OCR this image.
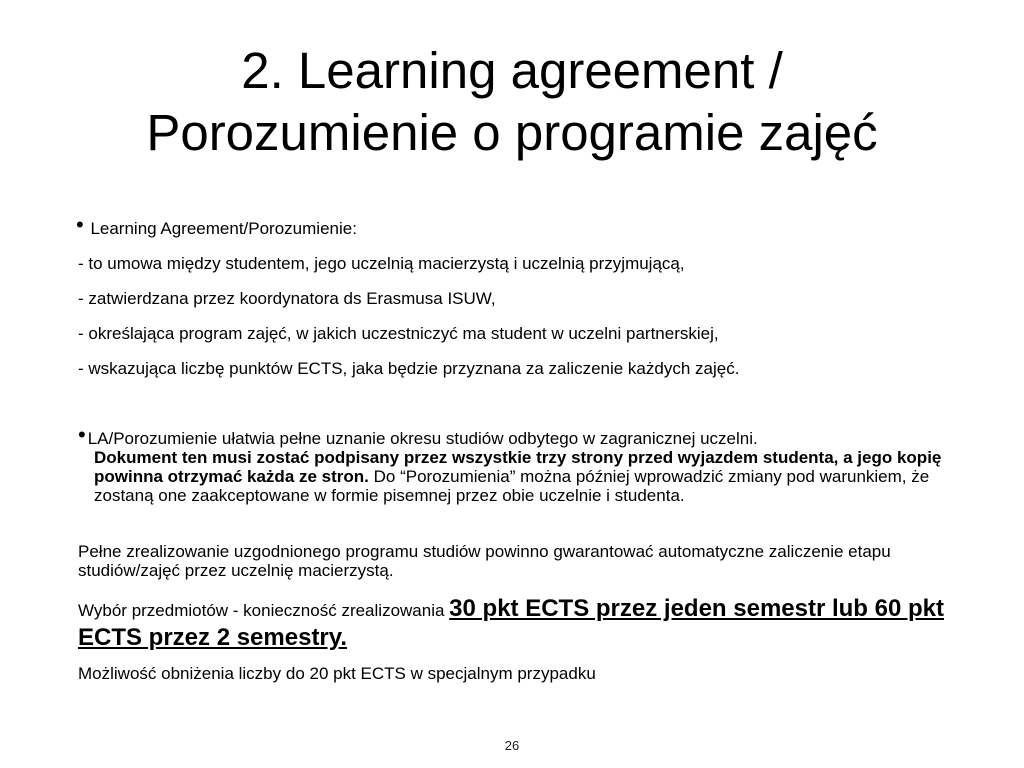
2. Learning agreement /
Porozumienie o programie zajęć
• Learning Agreement/Porozumienie:
- to umowa między studentem, jego uczelnią macierzystą i uczelnią przyjmującą,
- zatwierdzana przez koordynatora ds Erasmusa ISUW,
- określająca program zajęć, w jakich uczestniczyć ma student w uczelni partnerskiej,
- wskazująca liczbę punktów ECTS, jaka będzie przyznana za zaliczenie każdych zajęć.
• LA/Porozumienie ułatwia pełne uznanie okresu studiów odbytego w zagranicznej uczelni.
Dokument ten musi zostać podpisany przez wszystkie trzy strony przed wyjazdem studenta, a jego kopię powinna otrzymać każda ze stron. Do “Porozumienia” można później wprowadzić zmiany pod warunkiem, że zostaną one zaakceptowane w formie pisemnej przez obie uczelnie i studenta.
Pełne zrealizowanie uzgodnionego programu studiów powinno gwarantować automatyczne zaliczenie etapu studiów/zajęć przez uczelnię macierzystą.
Wybór przedmiotów - konieczność zrealizowania 30 pkt ECTS przez jeden semestr lub 60 pkt ECTS przez 2 semestry.
Możliwość obniżenia liczby do 20 pkt ECTS w specjalnym przypadku
26
